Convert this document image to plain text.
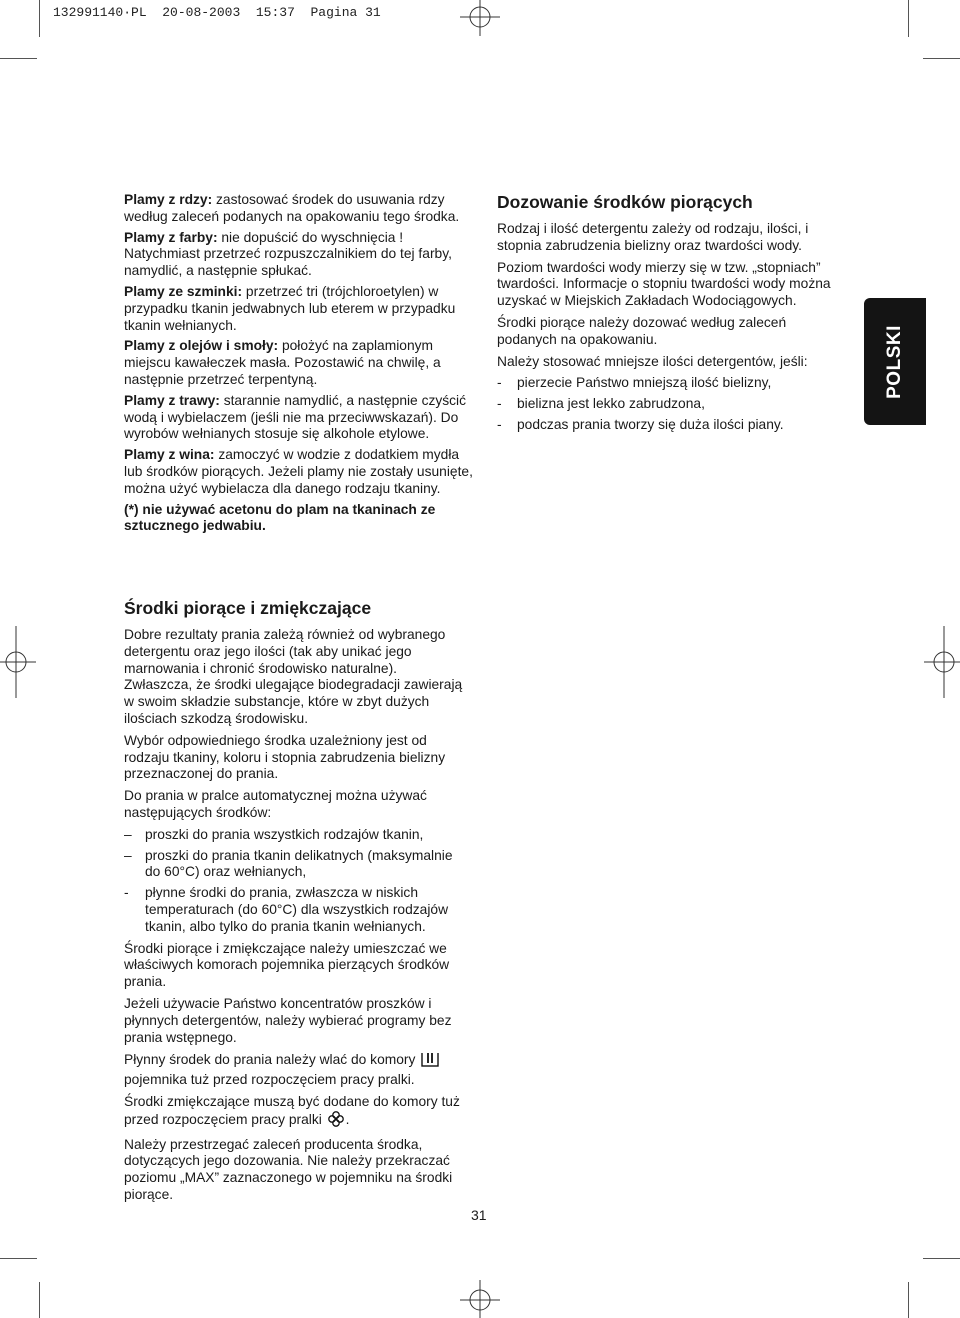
132991140·PL 20-08-2003 15:37 Pagina 31

Plamy z rdzy: zastosować środek do usuwania rdzy według zaleceń podanych na opakowaniu tego środka.

Plamy z farby: nie dopuścić do wyschnięcia ! Natychmiast przetrzeć rozpuszczalnikiem do tej farby, namydlić, a następnie spłukać.

Plamy ze szminki: przetrzeć tri (trójchloroetylen) w przypadku tkanin jedwabnych lub eterem w przypadku tkanin wełnianych.

Plamy z olejów i smoły: położyć na zaplamionym miejscu kawałeczek masła. Pozostawić na chwilę, a następnie przetrzeć terpentyną.

Plamy z trawy: starannie namydlić, a następnie czyścić wodą i wybielaczem (jeśli nie ma przeciwwskazań). Do wyrobów wełnianych stosuje się alkohole etylowe.

Plamy z wina: zamoczyć w wodzie z dodatkiem mydła lub środków piorących. Jeżeli plamy nie zostały usunięte, można użyć wybielacza dla danego rodzaju tkaniny.

(*) nie używać acetonu do plam na tkaninach ze sztucznego jedwabiu.

Dozowanie środków piorących

Rodzaj i ilość detergentu zależy od rodzaju, ilości, i stopnia zabrudzenia bielizny oraz twardości wody.

Poziom twardości wody mierzy się w tzw. „stopniach” twardości. Informacje o stopniu twardości wody można uzyskać w Miejskich Zakładach Wodociągowych.

Środki piorące należy dozować według zaleceń podanych na opakowaniu.

Należy stosować mniejsze ilości detergentów, jeśli:

- pierzecie Państwo mniejszą ilość bielizny,
- bielizna jest lekko zabrudzona,
- podczas prania tworzy się duża ilości piany.
POLSKI
Środki piorące i zmiękczające

Dobre rezultaty prania zależą również od wybranego detergentu oraz jego ilości (tak aby unikać jego marnowania i chronić środowisko naturalne). Zwłaszcza, że środki ulegające biodegradacji zawierają w swoim składzie substancje, które w zbyt dużych ilościach szkodzą środowisku.

Wybór odpowiedniego środka uzależniony jest od rodzaju tkaniny, koloru i stopnia zabrudzenia bielizny przeznaczonej do prania.

Do prania w pralce automatycznej można używać następujących środków:

– proszki do prania wszystkich rodzajów tkanin,
– proszki do prania tkanin delikatnych (maksymalnie do 60°C) oraz wełnianych,
- płynne środki do prania, zwłaszcza w niskich temperaturach (do 60°C) dla wszystkich rodzajów tkanin, albo tylko do prania tkanin wełnianych.

Środki piorące i zmiękczające należy umieszczać we właściwych komorach pojemnika pierzących środków prania.

Jeżeli używacie Państwo koncentratów proszków i płynnych detergentów, należy wybierać programy bez prania wstępnego.

Płynny środek do prania należy wlać do komory  pojemnika tuż przed rozpoczęciem pracy pralki.

Środki zmiękczające muszą być dodane do komory tuż przed rozpoczęciem pracy pralki .

Należy przestrzegać zaleceń producenta środka, dotyczących jego dozowania. Nie należy przekraczać poziomu „MAX” zaznaczonego w pojemniku na środki piorące.

31
